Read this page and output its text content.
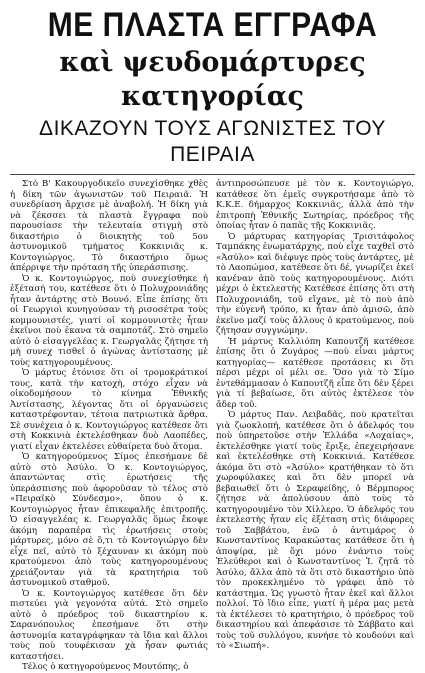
ΜΕ ΠΛΑΣΤΑ ΕΓΓΡΑΦΑ
καὶ ψευδομάρτυρες κατηγορίας
ΔΙΚΑΖΟΥΝ ΤΟΥΣ ΑΓΩΝΙΣΤΕΣ ΤΟΥ ΠΕΙΡΑΙΑ

Στὸ Β' Κακουργοδικεῖο συνεχίσθηκε χθὲς ἡ δίκη τῶν ἀγωνιστῶν τοῦ Πειραιᾶ. Ἡ συνεδρίαση ἄρχισε μὲ ἀναβολή. Ἡ δίκη γιὰ νὰ ζέκσσει τὰ πλαστὰ ἔγγραφα ποὺ παρουσίασε τὴν τελευταία στιγμὴ στὸ δικαστήριο ὁ διοικητὴς τοῦ 5ου ἀστυνομικοῦ τμήματος Κοκκινιᾶς κ. Κοντογιώργος. Τὸ δικαστήριο ὅμως ἀπέρριψε τὴν πρόταση τῆς ὑπεράσπισης.

Ὁ κ. Κοντογιώργος, ποὺ συνεχίσθηκε ἡ ἐξέτασή του, κατέθεσε ὅτι ὁ Πολυχρονιάδης ἦταν ἀντάρτης στὸ Βουνό. Εἶπε ἐπίσης ὅτι οἱ Γεωργιοὶ κυνηγούσαν τὴ ρισοσέτρα τοὺς κομμουνιστές, γιατί οἱ κομμουνιστὲς ἦταν ἐκεῖνοι ποὺ ἐκανα τὰ σαμποτάζ. Στὸ σημεῖο αὐτὸ ὁ εἰσαγγελέας κ. Γεωργαλᾶς ζήτησε τὴ μὴ συνεχ τισθεῖ ὁ ἀγώνας ἀντίστασης μὲ τοὺς κατηγορουμένους.

Ὁ μάρτυς ἐτόνισε ὅτι οἱ τρομοκράτικοί τους, κατὰ τὴν κατοχὴ, στόχο εἶχαν νὰ οἰκοδομήσουν τὸ κίνημα Ἐθνικῆς Ἀντίστασης, λέγοντας ὅτι οἱ ὀργανώσεις καταστρέφονταν, τέτοια πατριωτικὰ ἄρθρα. Σὲ συνέχεια ὁ κ. Κοντογιώργος κατέθεσε ὅτι στὴ Κοκκινιὰ ἐκτελέσθηκαν δυὸ Λαοπέδες, γιατί εἶχαν ἐκτελέσει εὐθαίρετα δυὸ ἄτομα.

Ὁ κατηγορούμενος Σίμος ἐπεσήμανε δὲ αὐτὸ στὸ Ἀσύλο. Ὁ κ. Κοντογιώργος, ἀπαντώντας στὶς ἐρωτήσεις τῆς ὑπεράσπισης ποὺ ἀφοροῦσαν τὸ τέλος στὸ «Πειραϊκὸ Σύνδεσμο», ὅπου ὁ κ. Κοντογιώργος ἦταν ἐπικεφαλῆς ἐπιτροπῆς. Ὁ εἰσαγγελέας κ. Γεωργαλᾶς ὅμως ἔκοψε ἀκόμη παραπέρα τὶς ἐρωτήσεις στοὺς μάρτυρες, μόνο σὲ ὅ,τι τὸ Κοντογιώργο δὲν εἶχε πεῖ, αὐτὸ τὸ ξέχαυναν κι ἀκόμη ποὺ κρατούμενοι ἀπὸ τοὺς κατηγορουμένους χρειάζονταν γιὰ τὰ κρατητήρια τοῦ ἀστυνομικοῦ σταθμοῦ.

Ὁ κ. Κοντογιώργος κατέθεσε ὅτι δὲν πιστεύει γιὰ γεγονότα αὐτά. Στὸ σημεῖο αὐτὸ ὁ πρόεδρος τοῦ δικαστηρίου κ. Σαρανόπουλος ἐπεσήμανε ὅτι στὴν ἀστυνομία καταγράφηκαν τὰ ἴδια καὶ ἄλλοι τοὺς ποὺ τουφέκισαν χὰ ἦσαν φωτιάς καταστήσει.

Τέλος ὁ κατηγορούμενος Μουτόπης, ὁ

ἀντιπροσώπευσε μὲ τὸν κ. Κοντογιώργο, κατάθεσε ὅτι ἐμεῖς συγκροτήσαμε ἀπὸ τὸ Κ.Κ.Ε. δήμαρχος Κοκκινιᾶς, ἀλλὰ ἀπὸ τὴν ἐπιτροπὴ Ἐθνικῆς Σωτηρίας, πρόεδρος τῆς ὁποίας ἦταν ὁ παπᾶς τῆς Κοκκινιᾶς.

Ὁ μάρτυρας κατηγορίας Τρισιτάφολος Ταμπάκης ἐνωματάρχης, ποὺ εἶχε ταχθεῖ στὸ «Ἀσύλο» καὶ διέφυγε πρὸς τοὺς ἀντάρτες, μὲ τὸ Λαοπώμοσ, κατέθεσε ὅτι δέ, γνωρίζει ἐκεῖ κανέναν ἀπὸ τοὺς κατηγορουμένους. Διότι μέχρι ὁ ἐκτελεστὴς Κατέθεσε ἐπίσης ὅτι στὴ Πολυχρονιάδη, τοῦ εἴχανε, μὲ τὸ ποὺ ἀπὸ τὴν εὐγενῆ τρόπο, κι ἦταν ἀπὸ ἀμισῶ, ἀπὸ ἐκεῖνο μαζί τοὺς ἄλλους ὁ κρατούμενος, ποὺ ζήτησαν συγγνώμην.

Ἡ μάρτυς Καλλιόπη Καπουτζῆ κατέθεσε ἐπίσης ὅτι ὁ Ζυγάρος —ποὺ εἶναι μάρτυς κατηγορίας— κατέθεσε προτάσεις κι ὅτι πέρσι μέχρι οἱ μέλι σε. Ὅσο γιὰ τὸ Σίμο ἐντεθάμμασαν ὁ Καπουτζῆ εἶπε ὅτι δὲν ξέρει γιὰ τί βεβαίωσε, ὅτι αὐτὸς ἐκτέλεσε τὸν ἄδερ τοῦ.

Ὁ μάρτυς Παν. Λειβαδᾶς, ποὺ κρατεῖται γιὰ ζωοκλοπή, κατέθεσε ὅτι ὁ ἀδελφός του ποὺ ὑπηρετοῦσε στὴν Ἐλλάδα «Λοχαίας», ἐκτελέσθηκε γιατί τοὺς ἔριξε, ἐπεχειρήσανε καὶ ἐκτελέσθηκε στὴ Κοκκινιά. Κατέθεσε ἀκόμα ὅτι στὸ «Ἀσύλο» κρατήθηκαν τὸ ὅτι χωροφύλακες καὶ ὅτι δὲν μπορεῖ νὰ βεβαιωθεῖ ὅτι ὁ Σεραφείδης, ὁ Βέρμπορος ζήτησε νὰ ἀπολύσουν ἀπὸ τοὺς τὸ κατηγορουμένο τὸν Χίλλερο. Ὁ ἀδελφός του ἐκτελεστὴς ἦταν εἰς ἐξέταση στὶς διάφορες τοῦ Σαββάτου, ἐνῶ ὁ ἀντιμάρος ὁ Κωνσταντίνος Καρακώστας κατάθεσε ὅτι ἡ ἀποψίρα, μὲ ὄχι μόνο ἐνάντιο τοὺς Ἐλεύθεροι καὶ ὁ Κωνσταντίνος Ἰ. ζητᾶ τὸ Ἀσύλο, ἄλλα ἀπὸ τὰ ὅτι στὸ δικαστήριο ὑπὸ τὸν προκεκλημένο τὸ γράφει ἀπὸ τὸ κατάστημα. Ὡς γνωστὸ ἦταν ἐκεῖ καὶ ἄλλοι πολλοί. Τὸ ἴδιο εἶπε, γιατί ἡ μέρα μας μετὰ τὰ ἐκτέλεσει τὸ κρατητήριο, ὁ πρόεδρος τοῦ δικαστηρίου καὶ ἀπεφάσισε τὸ Σάββατο καὶ τοὺς τοῦ συλλόγου, κυνήσε τὸ κουδούνι καὶ τὸ «Σιωπή».
